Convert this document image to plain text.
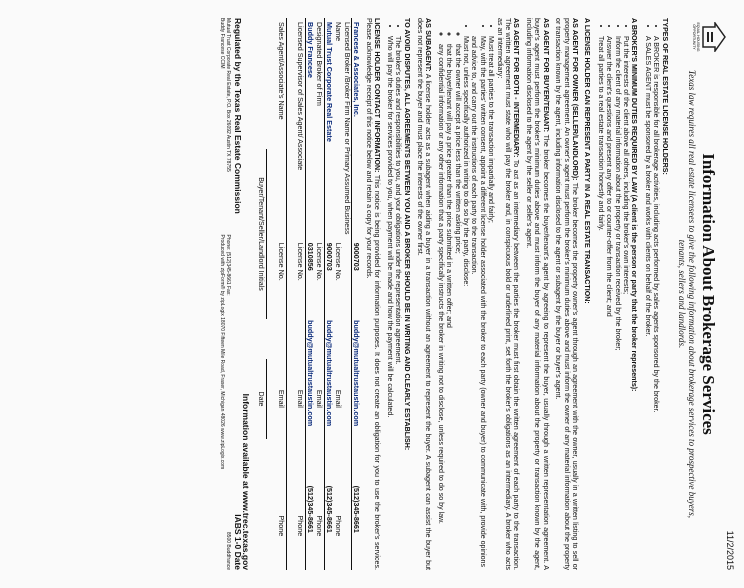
11/2/2015
EQUAL HOUSING OPPORTUNITY
Information About Brokerage Services
Texas law requires all real estate licensees to give the following information about brokerage services to prospective buyers, tenants, sellers and landlords.
TYPES OF REAL ESTATE LICENSE HOLDERS:
• A BROKER is responsible for all brokerage activities, including acts performed by sales agents sponsored by the broker.
• A SALES AGENT must be sponsored by a broker and works with clients on behalf of the broker.
A BROKER'S MINIMUM DUTIES REQUIRED BY LAW (A client is the person or party that the broker represents):
• Put the interests of the client above all others, including the broker's own interests;
• Inform the client of any material information about the property or transaction received by the broker;
• Answer the client's questions and present any offer to or counter-offer from the client; and
• Treat all parties to a real estate transaction honestly and fairly.
A LICENSE HOLDER CAN REPRESENT A PARTY IN A REAL ESTATE TRANSACTION:

AS AGENT FOR OWNER (SELLER/LANDLORD): The broker becomes the property owner's agent through an agreement with the owner, usually in a written listing to sell or property management agreement. An owner's agent must perform the broker's minimum duties above and must inform the owner of any material information about the property or transaction known by the agent, including information disclosed to the agent or subagent by the buyer or buyer's agent.

AS AGENT FOR BUYER/TENANT: The broker becomes the buyer/tenant's agent by agreeing to represent the buyer, usually through a written representation agreement. A buyer's agent must perform the broker's minimum duties above and must inform the buyer of any material information about the property or transaction known by the agent, including information disclosed to the agent by the seller or seller's agent.

AS AGENT FOR BOTH - INTERMEDIARY: To act as an intermediary between the parties the broker must first obtain the written agreement of each party to the transaction. The written agreement must state who will pay the broker and, in conspicuous bold or underlined print, set forth the broker's obligations as an intermediary. A broker who acts as an intermediary:

• Must treat all parties to the transaction impartially and fairly;
• May, with the parties' written consent, appoint a different license holder associated with the broker to each party (owner and buyer) to communicate with, provide opinions and advice to, and carry out the instructions of each party to the transaction.
• Must not, unless specifically authorized in writing to do so by the party, disclose:
◦ that the owner will accept a price less than the written asking price;
◦ that the buyer/tenant will pay a price greater than the price submitted in a written offer; and
◦ any confidential information or any other information that a party specifically instructs the broker in writing not to disclose, unless required to do so by law.

AS SUBAGENT: A license holder acts as a subagent when aiding a buyer in a transaction without an agreement to represent the buyer. A subagent can assist the buyer but does not represent the buyer and must place the interests of the owner first.

TO AVOID DISPUTES, ALL AGREEMENTS BETWEEN YOU AND A BROKER SHOULD BE IN WRITING AND CLEARLY ESTABLISH:
• The broker's duties and responsibilities to you, and your obligations under the representation agreement.
• Who will pay the broker for services provided to you, when payment will be made and how the payment will be calculated.

LICENSE HOLDER CONTACT INFORMATION: This notice is being provided for information purposes. It does not create an obligation for you to use the broker's services. Please acknowledge receipt of this notice below and retain a copy for your records.

Francese & Associates, Inc.	9000703	buddy@mutualtrustaustin.com	(512)345-8661
Licensed Broker /Broker Firm Name or Primary Assumed Business Name	License No.	Email	Phone
Mutual Trust Corporate Real Estate	9000703	buddy@mutualtrustaustin.com	(512)345-8661
Designated Broker of Firm	License No.	Email	Phone
Buddy Francese	0310856	buddy@mutualtrustaustin.com	(512)345-8661
Licensed Supervisor of Sales Agent/ Associate	License No.	Email	Phone

Sales Agent/Associate's Name	License No.	Email	Phone
Buyer/Tenant/Seller/Landlord Initials
Date
Regulated by the Texas Real Estate Commission
Information available at www.trec.texas.gov
IABS 1-0 Date
Mutual Trust Corporate Real Estate, P.O. Box 26092 Austin TX 78755
Buddy Francese CCIM
Phone: (512)345-8661 Fax:
Produced with zipForm® by zipLogix 18070 Fifteen Mile Road, Fraser, Michigan 48026 www.zipLogix.com
8500 Buddfrance
